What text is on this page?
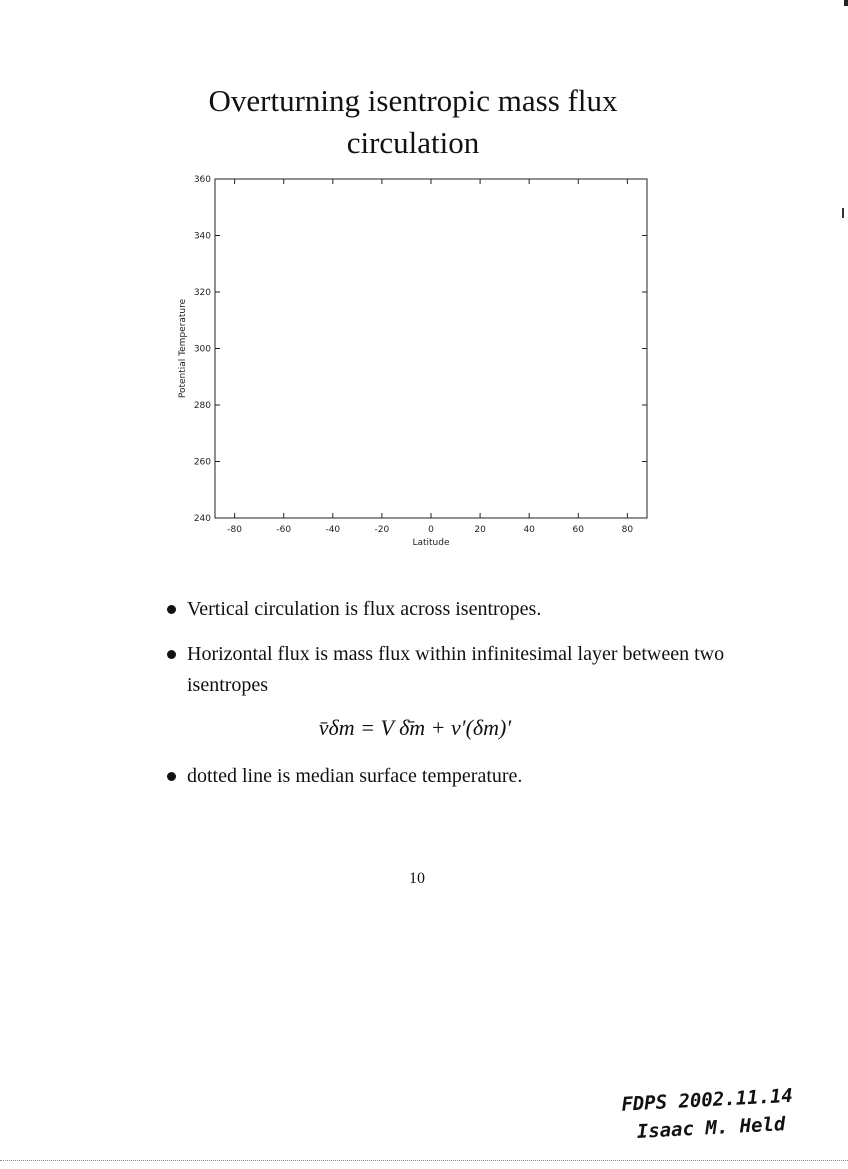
Overturning isentropic mass flux
circulation
-80	-60	-40	-20	0	20	40	60	80
240
260
280
300
320
340
360
Latitude
Potential Temperature
Vertical circulation is flux across isentropes.
Horizontal flux is mass flux within infinitesimal layer between two isentropes
v̄δm = V δ̄m + v′(δm)′
dotted line is median surface temperature.
10
FDPS 2002.11.14
Isaac M. Held
